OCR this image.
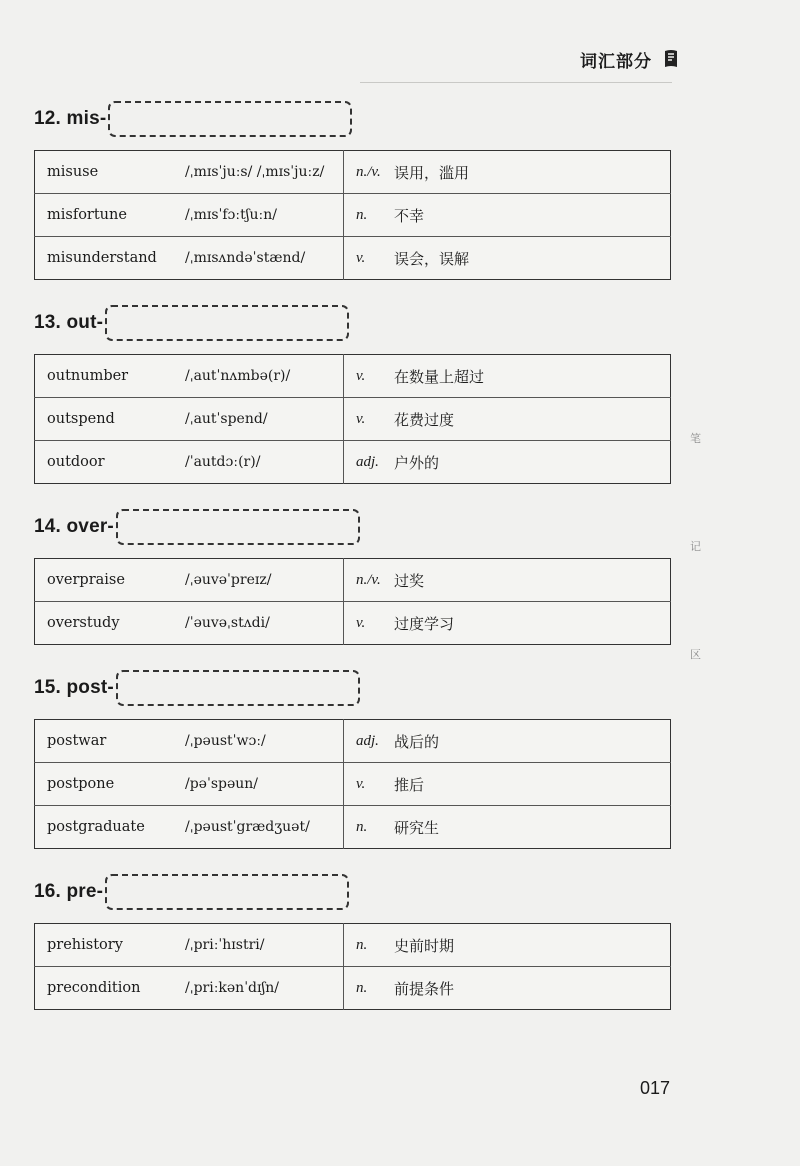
词汇部分
笔
记
区
12. mis-
misuse	/ˌmɪsˈjuːs/ /ˌmɪsˈjuːz/	n./v.	误用，滥用
misfortune	/ˌmɪsˈfɔːtʃuːn/	n.	不幸
misunderstand	/ˌmɪsʌndəˈstænd/	v.	误会，误解
13. out-
outnumber	/ˌautˈnʌmbə(r)/	v.	在数量上超过
outspend	/ˌautˈspend/	v.	花费过度
outdoor	/ˈautdɔː(r)/	adj.	户外的
14. over-
overpraise	/ˌəuvəˈpreɪz/	n./v.	过奖
overstudy	/ˈəuvəˌstʌdi/	v.	过度学习
15. post-
postwar	/ˌpəustˈwɔː/	adj.	战后的
postpone	/pəˈspəun/	v.	推后
postgraduate	/ˌpəustˈgrædʒuət/	n.	研究生
16. pre-
prehistory	/ˌpriːˈhɪstri/	n.	史前时期
precondition	/ˌpriːkənˈdɪʃn/	n.	前提条件
017
